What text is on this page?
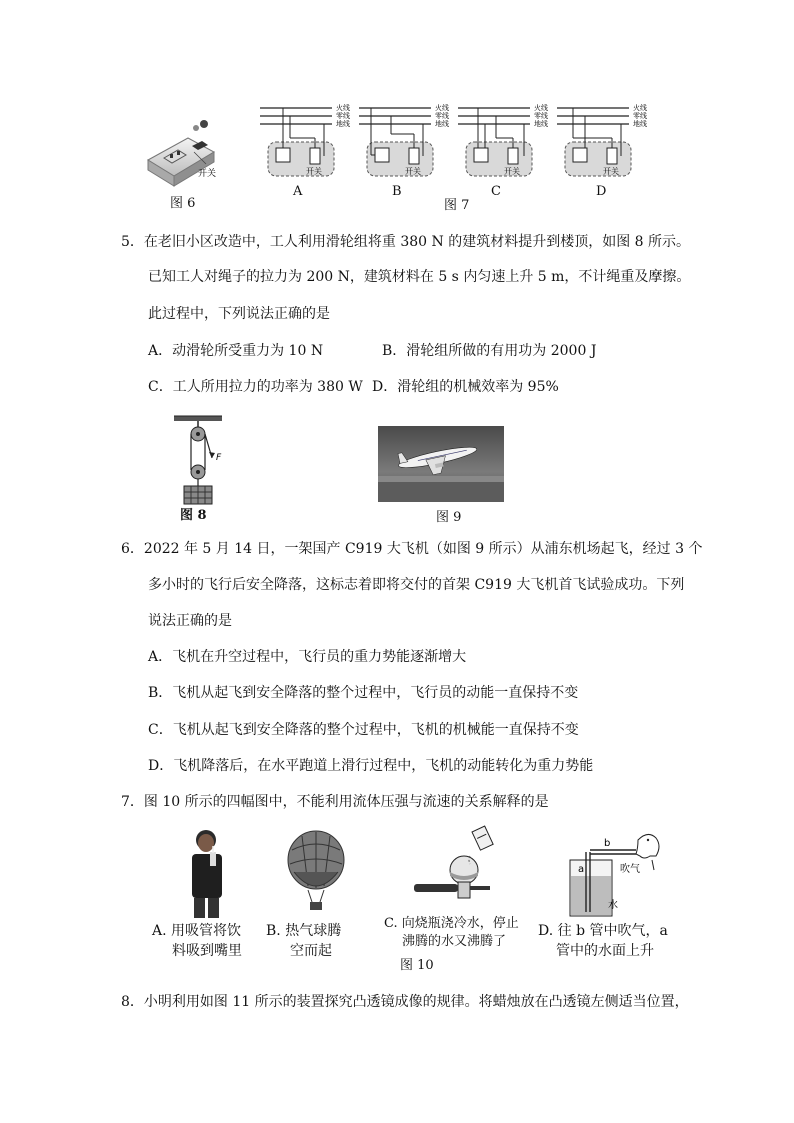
开关
图 6
火线
零线
地线
开关
火线
零线
地线
开关
火线
零线
地线
开关
火线
零线
地线
开关
A	B	C	D
图 7
5．在老旧小区改造中，工人利用滑轮组将重 380 N 的建筑材料提升到楼顶，如图 8 所示。
已知工人对绳子的拉力为 200 N，建筑材料在 5 s 内匀速上升 5 m，不计绳重及摩擦。
此过程中，下列说法正确的是
A．动滑轮所受重力为 10 N	B．滑轮组所做的有用功为 2000 J
C．工人所用拉力的功率为 380 W D．滑轮组的机械效率为 95%
F
图 8	图 9
6．2022 年 5 月 14 日，一架国产 C919 大飞机（如图 9 所示）从浦东机场起飞，经过 3 个
多小时的飞行后安全降落，这标志着即将交付的首架 C919 大飞机首飞试验成功。下列
说法正确的是
A．飞机在升空过程中，飞行员的重力势能逐渐增大
B．飞机从起飞到安全降落的整个过程中，飞行员的动能一直保持不变
C．飞机从起飞到安全降落的整个过程中，飞机的机械能一直保持不变
D．飞机降落后，在水平跑道上滑行过程中，飞机的动能转化为重力势能
7．图 10 所示的四幅图中，不能利用流体压强与流速的关系解释的是
A. 用吸管将饮
料吸到嘴里
B. 热气球腾
空而起
C. 向烧瓶浇冷水，停止
沸腾的水又沸腾了
b
a	吹气
水
D. 往 b 管中吹气，a
管中的水面上升
图 10
8．小明利用如图 11 所示的装置探究凸透镜成像的规律。将蜡烛放在凸透镜左侧适当位置，
